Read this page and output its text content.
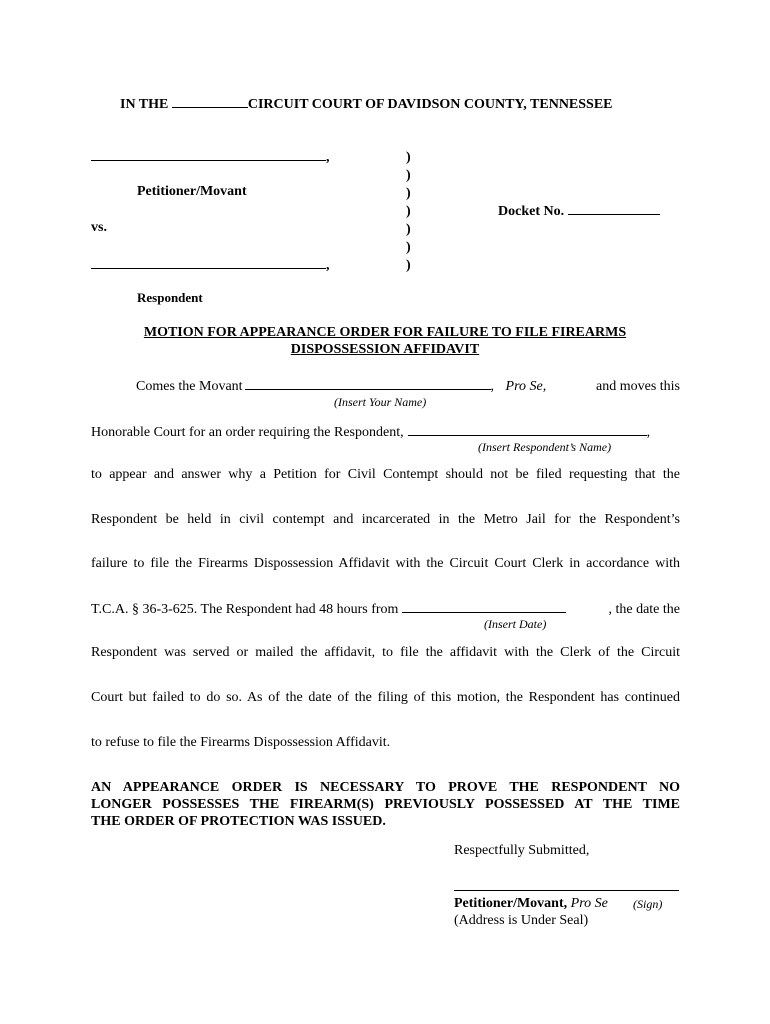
IN THE	CIRCUIT COURT OF DAVIDSON COUNTY, TENNESSEE
,
Petitioner/Movant
vs.
,
Respondent
)
)
)
)
)
)
)
Docket No.
MOTION FOR APPEARANCE ORDER FOR FAILURE TO FILE FIREARMS
DISPOSSESSION AFFIDAVIT
Comes the Movant	, Pro Se,	and moves this
(Insert Your Name)
Honorable Court for an order requiring the Respondent,	,
(Insert Respondent’s Name)
to appear and answer why a Petition for Civil Contempt should not be filed requesting that the
Respondent be held in civil contempt and incarcerated in the Metro Jail for the Respondent’s
failure to file the Firearms Dispossession Affidavit with the Circuit Court Clerk in accordance with
T.C.A. § 36-3-625. The Respondent had 48 hours from	, the date the
(Insert Date)
Respondent was served or mailed the affidavit, to file the affidavit with the Clerk of the Circuit
Court but failed to do so. As of the date of the filing of this motion, the Respondent has continued
to refuse to file the Firearms Dispossession Affidavit.
AN APPEARANCE ORDER IS NECESSARY TO PROVE THE RESPONDENT NO
LONGER POSSESSES THE FIREARM(S) PREVIOUSLY POSSESSED AT THE TIME
THE ORDER OF PROTECTION WAS ISSUED.
Respectfully Submitted,
Petitioner/Movant, Pro Se (Sign)
(Address is Under Seal)
